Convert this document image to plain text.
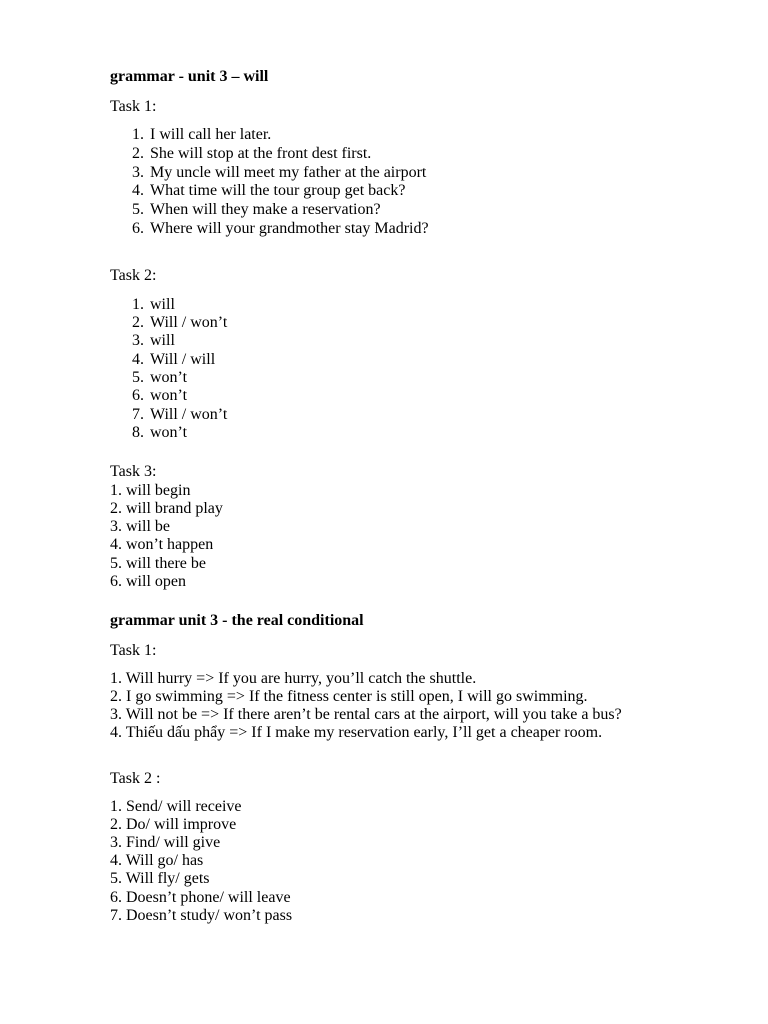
grammar - unit 3 – will

Task 1:

1. I will call her later.
2. She will stop at the front dest first.
3. My uncle will meet my father at the airport
4. What time will the tour group get back?
5. When will they make a reservation?
6. Where will your grandmother stay Madrid?

Task 2:

1. will
2. Will / won’t
3. will
4. Will / will
5. won’t
6. won’t
7. Will / won’t
8. won’t

Task 3:

1. will begin

2. will brand play

3. will be

4. won’t happen

5. will there be

6. will open

grammar unit 3 - the real conditional

Task 1:

1. Will hurry => If you are hurry, you’ll catch the shuttle.

2. I go swimming => If the fitness center is still open, I will go swimming.

3. Will not be => If there aren’t be rental cars at the airport, will you take a bus?

4. Thiếu dấu phẩy => If I make my reservation early, I’ll get a cheaper room.

Task 2 :

1. Send/ will receive

2. Do/ will improve

3. Find/ will give

4. Will go/ has

5. Will fly/ gets

6. Doesn’t phone/ will leave

7. Doesn’t study/ won’t pass
